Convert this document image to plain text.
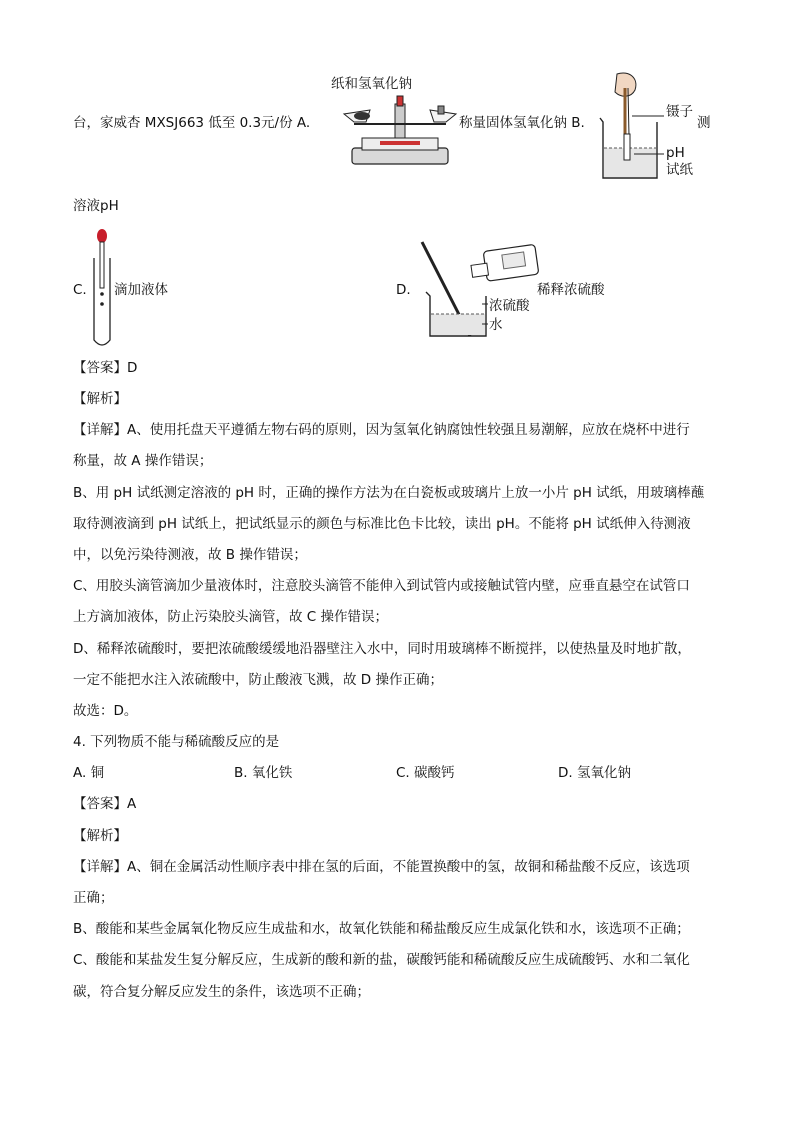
台，家威杏 MXSJ663 低至 0.3元/份 A.
纸和氢氧化钠
称量固体氢氧化钠 B.
镊子
测
pH
试纸
溶液pH
C. 滴加液体	D.	稀释浓硫酸
浓硫酸
水
【答案】D
【解析】
【详解】A、使用托盘天平遵循左物右码的原则，因为氢氧化钠腐蚀性较强且易潮解，应放在烧杯中进行
称量，故 A 操作错误；
B、用 pH 试纸测定溶液的 pH 时，正确的操作方法为在白瓷板或玻璃片上放一小片 pH 试纸，用玻璃棒蘸
取待测液滴到 pH 试纸上，把试纸显示的颜色与标准比色卡比较，读出 pH。不能将 pH 试纸伸入待测液
中，以免污染待测液，故 B 操作错误；
C、用胶头滴管滴加少量液体时，注意胶头滴管不能伸入到试管内或接触试管内壁，应垂直悬空在试管口
上方滴加液体，防止污染胶头滴管，故 C 操作错误；
D、稀释浓硫酸时，要把浓硫酸缓缓地沿器壁注入水中，同时用玻璃棒不断搅拌，以使热量及时地扩散，
一定不能把水注入浓硫酸中，防止酸液飞溅，故 D 操作正确；
故选：D。
4. 下列物质不能与稀硫酸反应的是
A. 铜	B. 氧化铁	C. 碳酸钙	D. 氢氧化钠
【答案】A
【解析】
【详解】A、铜在金属活动性顺序表中排在氢的后面，不能置换酸中的氢，故铜和稀盐酸不反应，该选项
正确；
B、酸能和某些金属氧化物反应生成盐和水，故氧化铁能和稀盐酸反应生成氯化铁和水，该选项不正确；
C、酸能和某盐发生复分解反应，生成新的酸和新的盐，碳酸钙能和稀硫酸反应生成硫酸钙、水和二氧化
碳，符合复分解反应发生的条件，该选项不正确；
